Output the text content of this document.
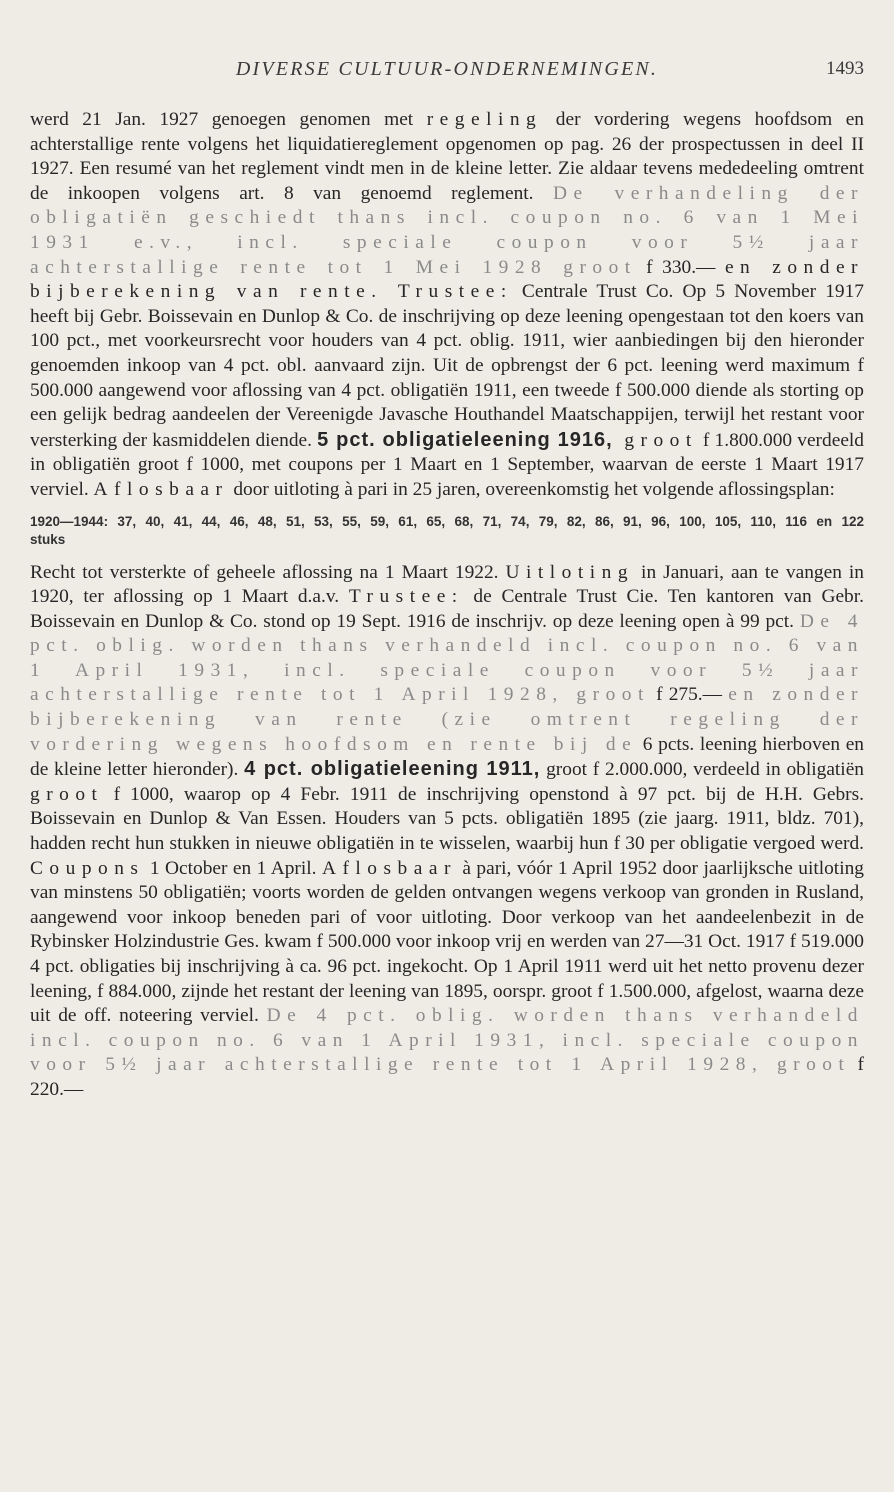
DIVERSE CULTUUR-ONDERNEMINGEN.	1493

werd 21 Jan. 1927 genoegen genomen met regeling der vordering wegens hoofdsom en achterstallige rente volgens het liquidatiereglement opgenomen op pag. 26 der prospectussen in deel II 1927. Een resumé van het reglement vindt men in de kleine letter. Zie aldaar tevens mededeeling omtrent de inkoopen volgens art. 8 van genoemd reglement. De verhandeling der obligatiën geschiedt thans incl. coupon no. 6 van 1 Mei 1931 e.v., incl. speciale coupon voor 5½ jaar achterstallige rente tot 1 Mei 1928 groot f 330.— en zonder bijberekening van rente. Trustee: Centrale Trust Co. Op 5 November 1917 heeft bij Gebr. Boissevain en Dunlop & Co. de inschrijving op deze leening opengestaan tot den koers van 100 pct., met voorkeursrecht voor houders van 4 pct. oblig. 1911, wier aanbiedingen bij den hieronder genoemden inkoop van 4 pct. obl. aanvaard zijn. Uit de opbrengst der 6 pct. leening werd maximum f 500.000 aangewend voor aflossing van 4 pct. obligatiën 1911, een tweede f 500.000 diende als storting op een gelijk bedrag aandeelen der Vereenigde Javasche Houthandel Maatschappijen, terwijl het restant voor versterking der kasmiddelen diende. 5 pct. obligatieleening 1916, groot f 1.800.000 verdeeld in obligatiën groot f 1000, met coupons per 1 Maart en 1 September, waarvan de eerste 1 Maart 1917 verviel. Aflosbaar door uitloting à pari in 25 jaren, overeenkomstig het volgende aflossingsplan:

1920—1944: 37, 40, 41, 44, 46, 48, 51, 53, 55, 59, 61, 65, 68, 71, 74, 79, 82, 86, 91, 96, 100, 105, 110, 116 en 122 stuks

Recht tot versterkte of geheele aflossing na 1 Maart 1922. Uitloting in Januari, aan te vangen in 1920, ter aflossing op 1 Maart d.a.v. Trustee: de Centrale Trust Cie. Ten kantoren van Gebr. Boissevain en Dunlop & Co. stond op 19 Sept. 1916 de inschrijv. op deze leening open à 99 pct. De 4 pct. oblig. worden thans verhandeld incl. coupon no. 6 van 1 April 1931, incl. speciale coupon voor 5½ jaar achterstallige rente tot 1 April 1928, groot f 275.— en zonder bijberekening van rente (zie omtrent regeling der vordering wegens hoofdsom en rente bij de 6 pcts. leening hierboven en de kleine letter hieronder). 4 pct. obligatieleening 1911, groot f 2.000.000, verdeeld in obligatiën groot f 1000, waarop op 4 Febr. 1911 de inschrijving openstond à 97 pct. bij de H.H. Gebrs. Boissevain en Dunlop & Van Essen. Houders van 5 pcts. obligatiën 1895 (zie jaarg. 1911, bldz. 701), hadden recht hun stukken in nieuwe obligatiën in te wisselen, waarbij hun f 30 per obligatie vergoed werd. Coupons 1 October en 1 April. Aflosbaar à pari, vóór 1 April 1952 door jaarlijksche uitloting van minstens 50 obligatiën; voorts worden de gelden ontvangen wegens verkoop van gronden in Rusland, aangewend voor inkoop beneden pari of voor uitloting. Door verkoop van het aandeelenbezit in de Rybinsker Holzindustrie Ges. kwam f 500.000 voor inkoop vrij en werden van 27—31 Oct. 1917 f 519.000 4 pct. obligaties bij inschrijving à ca. 96 pct. ingekocht. Op 1 April 1911 werd uit het netto provenu dezer leening, f 884.000, zijnde het restant der leening van 1895, oorspr. groot f 1.500.000, afgelost, waarna deze uit de off. noteering verviel. De 4 pct. oblig. worden thans verhandeld incl. coupon no. 6 van 1 April 1931, incl. speciale coupon voor 5½ jaar achterstallige rente tot 1 April 1928, groot f 220.—
